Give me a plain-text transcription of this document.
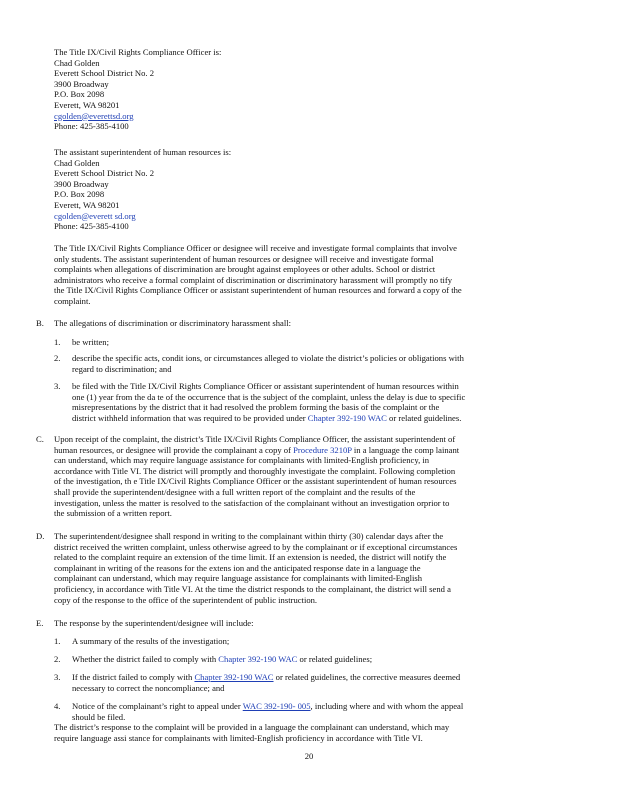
The Title IX/Civil Rights Compliance Officer is:

Chad Golden

Everett School District No. 2

3900 Broadway

P.O. Box 2098

Everett, WA 98201

cgolden@everettsd.org

Phone: 425-385-4100

The assistant superintendent of human resources is:

Chad Golden

Everett School District No. 2

3900 Broadway

P.O. Box 2098

Everett, WA 98201

cgolden@everett sd.org

Phone: 425-385-4100

The Title IX/Civil Rights Compliance Officer or designee will receive and investigate formal complaints that involve

only students. The assistant superintendent of human resources or designee will receive and investigate formal

complaints when allegations of discrimination are brought against employees or other adults. School or district

administrators who receive a formal complaint of discrimination or discriminatory harassment will promptly no tify

the Title IX/Civil Rights Compliance Officer or assistant superintendent of human resources and forward a copy of the

complaint.

B. The allegations of discrimination or discriminatory harassment shall:

1. be written;

2. describe the specific acts, condit ions, or circumstances alleged to violate the district’s policies or obligations with

regard to discrimination; and

3. be filed with the Title IX/Civil Rights Compliance Officer or assistant superintendent of human resources within

one (1) year from the da te of the occurrence that is the subject of the complaint, unless the delay is due to specific

misrepresentations by the district that it had resolved the problem forming the basis of the complaint or the

district withheld information that was required to be provided under Chapter 392-190 WAC or related guidelines.

C. Upon receipt of the complaint, the district’s Title IX/Civil Rights Compliance Officer, the assistant superintendent of

human resources, or designee will provide the complainant a copy of Procedure 3210P in a language the comp lainant

can understand, which may require language assistance for complainants with limited-English proficiency, in

accordance with Title VI. The district will promptly and thoroughly investigate the complaint. Following completion

of the investigation, th e Title IX/Civil Rights Compliance Officer or the assistant superintendent of human resources

shall provide the superintendent/designee with a full written report of the complaint and the results of the

investigation, unless the matter is resolved to the satisfaction of the complainant without an investigation orprior to

the submission of a written report.

D. The superintendent/designee shall respond in writing to the complainant within thirty (30) calendar days after the

district received the written complaint, unless otherwise agreed to by the complainant or if exceptional circumstances

related to the complaint require an extension of the time limit. If an extension is needed, the district will notify the

complainant in writing of the reasons for the extens ion and the anticipated response date in a language the

complainant can understand, which may require language assistance for complainants with limited-English

proficiency, in accordance with Title VI. At the time the district responds to the complainant, the district will send a

copy of the response to the office of the superintendent of public instruction.

E. The response by the superintendent/designee will include:

1. A summary of the results of the investigation;

2. Whether the district failed to comply with Chapter 392-190 WAC or related guidelines;

3. If the district failed to comply with Chapter 392-190 WAC or related guidelines, the corrective measures deemed

necessary to correct the noncompliance; and

4. Notice of the complainant’s right to appeal under WAC 392-190- 005, including where and with whom the appeal

should be filed.

The district’s response to the complaint will be provided in a language the complainant can understand, which may

require language assi stance for complainants with limited-English proficiency in accordance with Title VI.

20
